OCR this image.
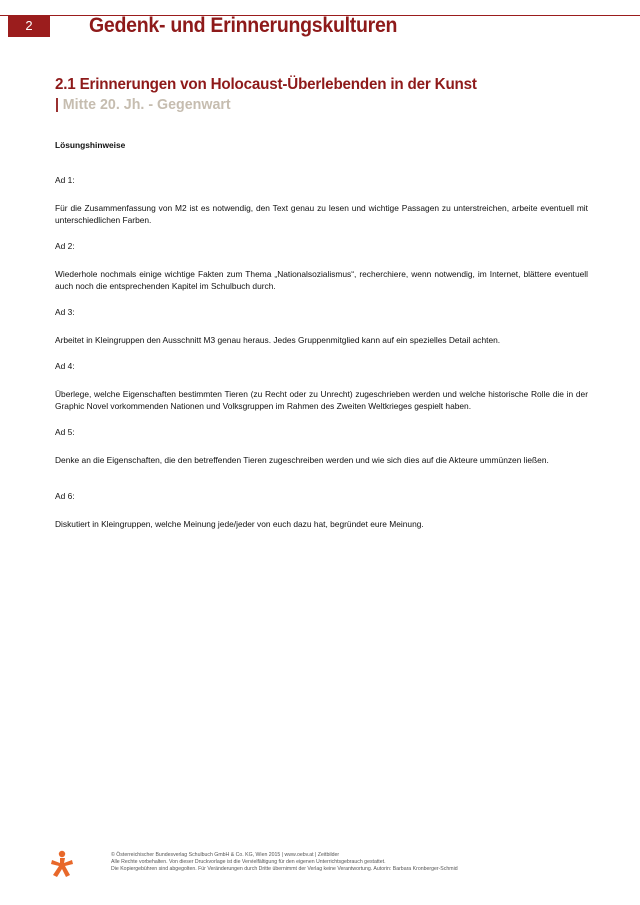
2	Gedenk- und Erinnerungskulturen
2.1 Erinnerungen von Holocaust-Überlebenden in der Kunst
| Mitte 20. Jh. - Gegenwart
Lösungshinweise
Ad 1:
Für die Zusammenfassung von M2 ist es notwendig, den Text genau zu lesen und wichtige Passagen zu unterstreichen, arbeite eventuell mit unterschiedlichen Farben.
Ad 2:
Wiederhole nochmals einige wichtige Fakten zum Thema „Nationalsozialismus“, recherchiere, wenn notwendig, im Internet, blättere eventuell auch noch die entsprechenden Kapitel im Schulbuch durch.
Ad 3:
Arbeitet in Kleingruppen den Ausschnitt M3 genau heraus. Jedes Gruppenmitglied kann auf ein spezielles Detail achten.
Ad 4:
Überlege, welche Eigenschaften bestimmten Tieren (zu Recht oder zu Unrecht) zugeschrieben werden und welche historische Rolle die in der Graphic Novel vorkommenden Nationen und Volksgruppen im Rahmen des Zweiten Weltkrieges gespielt haben.
Ad 5:
Denke an die Eigenschaften, die den betreffenden Tieren zugeschreiben werden und wie sich dies auf die Akteure ummünzen ließen.
Ad 6:
Diskutiert in Kleingruppen, welche Meinung jede/jeder von euch dazu hat, begründet eure Meinung.
© Österreichischer Bundesverlag Schulbuch GmbH & Co. KG, Wien 2015 | www.oebv.at | Zeitbilder
Alle Rechte vorbehalten. Von dieser Druckvorlage ist die Vervielfältigung für den eigenen Unterrichtsgebrauch gestattet.
Die Kopiergebühren sind abgegolten. Für Veränderungen durch Dritte übernimmt der Verlag keine Verantwortung. Autorin: Barbara Kronberger-Schmid
